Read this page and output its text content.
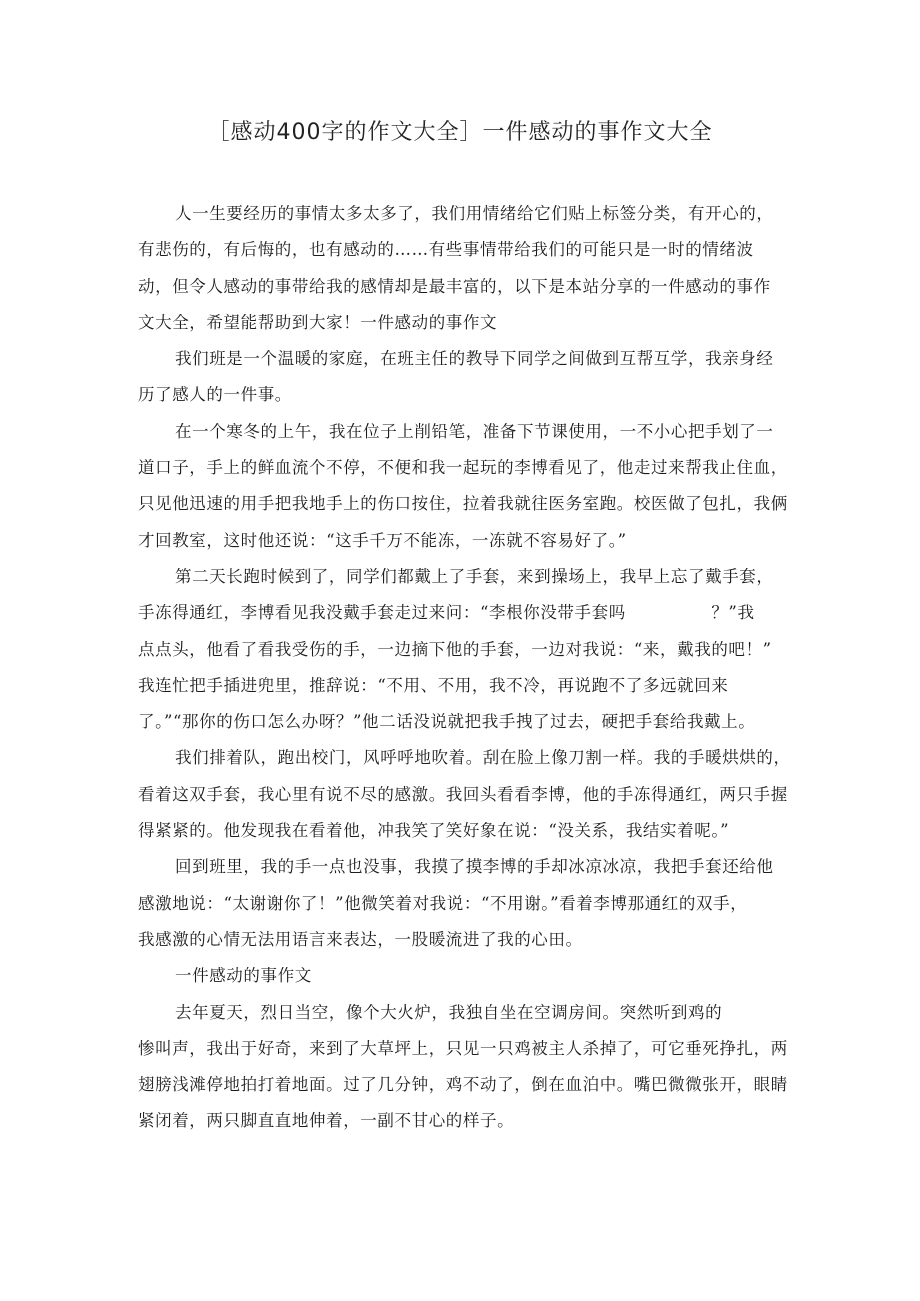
［感动400字的作文大全］一件感动的事作文大全
人一生要经历的事情太多太多了，我们用情绪给它们贴上标签分类，有开心的，
有悲伤的，有后悔的，也有感动的……有些事情带给我们的可能只是一时的情绪波
动，但令人感动的事带给我的感情却是最丰富的，以下是本站分享的一件感动的事作
文大全，希望能帮助到大家！一件感动的事作文
我们班是一个温暖的家庭，在班主任的教导下同学之间做到互帮互学，我亲身经
历了感人的一件事。
在一个寒冬的上午，我在位子上削铅笔，准备下节课使用，一不小心把手划了一
道口子，手上的鲜血流个不停，不便和我一起玩的李博看见了，他走过来帮我止住血，
只见他迅速的用手把我地手上的伤口按住，拉着我就往医务室跑。校医做了包扎，我俩
才回教室，这时他还说：“这手千万不能冻，一冻就不容易好了。”
第二天长跑时候到了，同学们都戴上了手套，来到操场上，我早上忘了戴手套，
手冻得通红，李博看见我没戴手套走过来问：“李根你没带手套吗　　　　　？”我
点点头，他看了看我受伤的手，一边摘下他的手套，一边对我说：“来，戴我的吧！”
我连忙把手插进兜里，推辞说：“不用、不用，我不冷，再说跑不了多远就回来
了。”“那你的伤口怎么办呀？”他二话没说就把我手拽了过去，硬把手套给我戴上。
我们排着队，跑出校门，风呼呼地吹着。刮在脸上像刀割一样。我的手暖烘烘的，
看着这双手套，我心里有说不尽的感激。我回头看看李博，他的手冻得通红，两只手握
得紧紧的。他发现我在看着他，冲我笑了笑好象在说：“没关系，我结实着呢。”
回到班里，我的手一点也没事，我摸了摸李博的手却冰凉冰凉，我把手套还给他
感激地说：“太谢谢你了！”他微笑着对我说：“不用谢。”看着李博那通红的双手，
我感激的心情无法用语言来表达，一股暖流进了我的心田。
一件感动的事作文
去年夏天，烈日当空，像个大火炉，我独自坐在空调房间。突然听到鸡的
惨叫声，我出于好奇，来到了大草坪上，只见一只鸡被主人杀掉了，可它垂死挣扎，两
翅膀浅滩停地拍打着地面。过了几分钟，鸡不动了，倒在血泊中。嘴巴微微张开，眼睛
紧闭着，两只脚直直地伸着，一副不甘心的样子。
